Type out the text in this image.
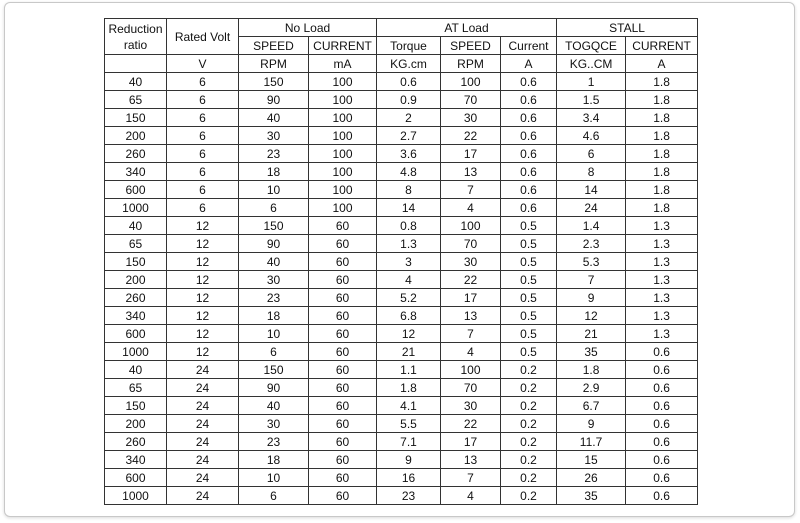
Reduction ratio	Rated Volt	No Load		AT Load			STALL	
		SPEED	CURRENT	Torque	SPEED	Current	TOGQCE	CURRENT
	V	RPM	mA	KG.cm	RPM	A	KG..CM	A
40	6	150	100	0.6	100	0.6	1	1.8
65	6	90	100	0.9	70	0.6	1.5	1.8
150	6	40	100	2	30	0.6	3.4	1.8
200	6	30	100	2.7	22	0.6	4.6	1.8
260	6	23	100	3.6	17	0.6	6	1.8
340	6	18	100	4.8	13	0.6	8	1.8
600	6	10	100	8	7	0.6	14	1.8
1000	6	6	100	14	4	0.6	24	1.8
40	12	150	60	0.8	100	0.5	1.4	1.3
65	12	90	60	1.3	70	0.5	2.3	1.3
150	12	40	60	3	30	0.5	5.3	1.3
200	12	30	60	4	22	0.5	7	1.3
260	12	23	60	5.2	17	0.5	9	1.3
340	12	18	60	6.8	13	0.5	12	1.3
600	12	10	60	12	7	0.5	21	1.3
1000	12	6	60	21	4	0.5	35	0.6
40	24	150	60	1.1	100	0.2	1.8	0.6
65	24	90	60	1.8	70	0.2	2.9	0.6
150	24	40	60	4.1	30	0.2	6.7	0.6
200	24	30	60	5.5	22	0.2	9	0.6
260	24	23	60	7.1	17	0.2	11.7	0.6
340	24	18	60	9	13	0.2	15	0.6
600	24	10	60	16	7	0.2	26	0.6
1000	24	6	60	23	4	0.2	35	0.6
